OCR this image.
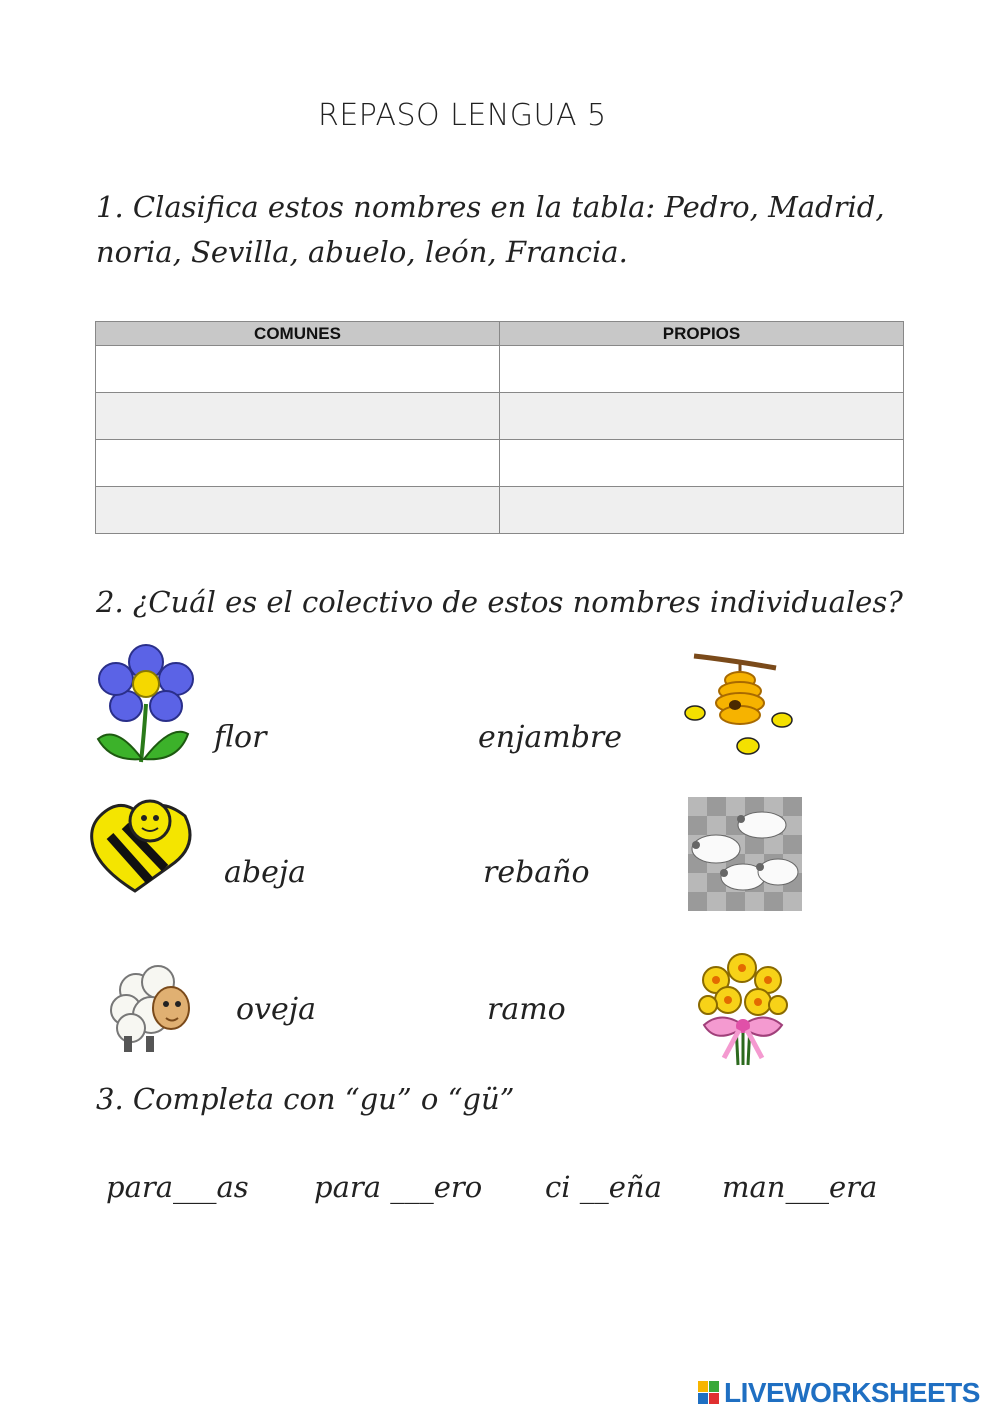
REPASO LENGUA 5
1. Clasifica estos nombres en la tabla: Pedro, Madrid,
noria, Sevilla, abuelo, león, Francia.
COMUNES	PROPIOS

2. ¿Cuál es el colectivo de estos nombres individuales?
flor
abeja
oveja
enjambre
rebaño
ramo
3. Completa con “gu” o “gü”
para___as para ___ero ci __eña man___era
LIVEWORKSHEETS
